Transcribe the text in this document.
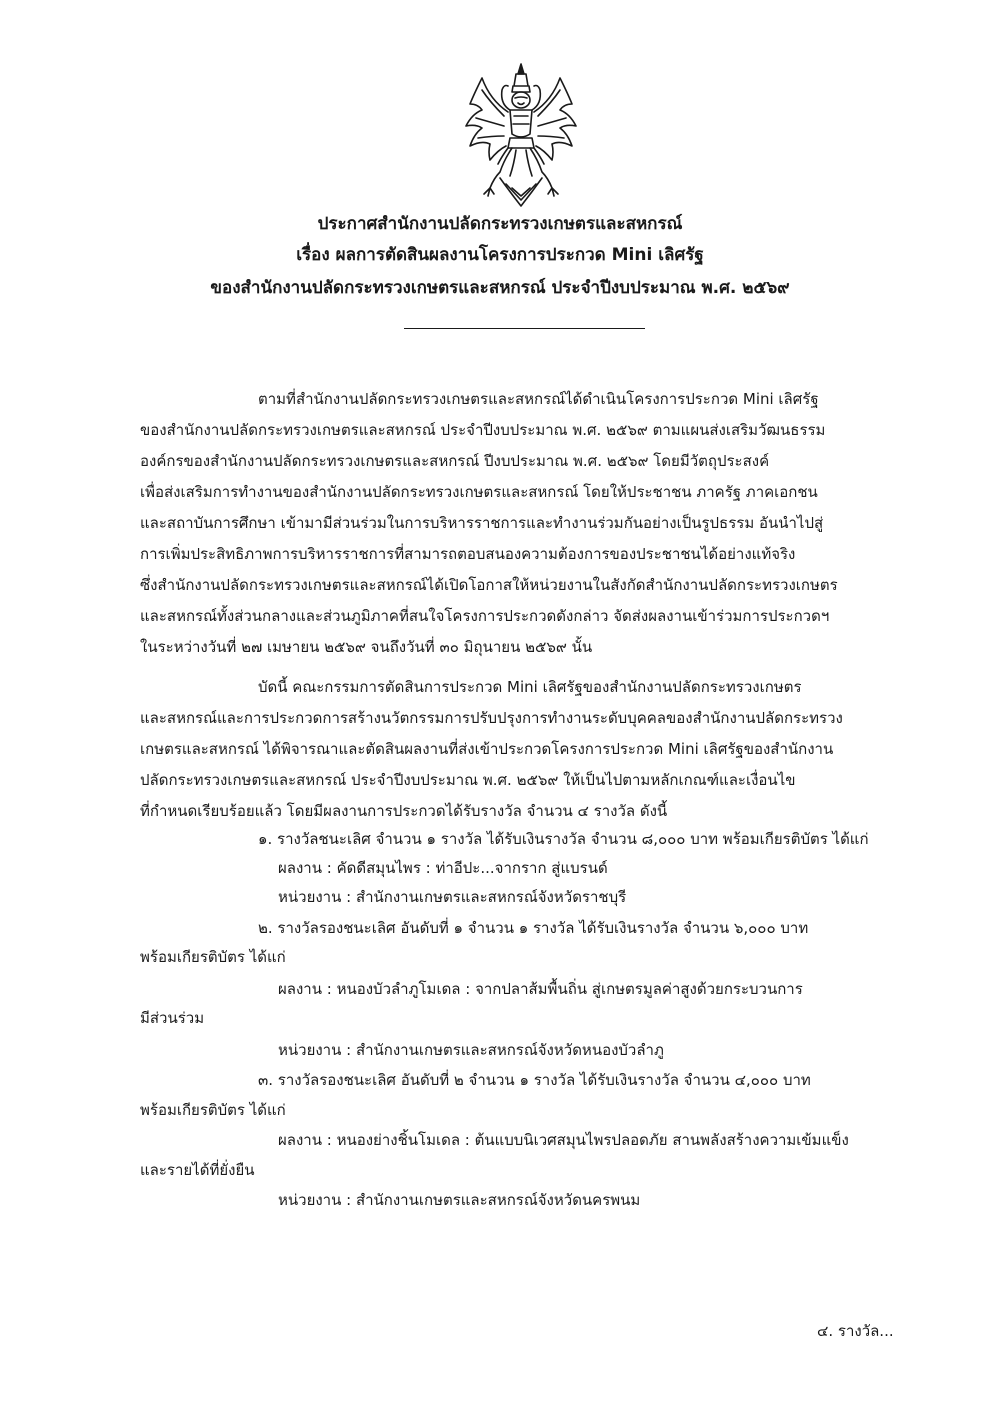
ประกาศสำนักงานปลัดกระทรวงเกษตรและสหกรณ์
เรื่อง ผลการตัดสินผลงานโครงการประกวด Mini เลิศรัฐ
ของสำนักงานปลัดกระทรวงเกษตรและสหกรณ์ ประจำปีงบประมาณ พ.ศ. ๒๕๖๙
ตามที่สำนักงานปลัดกระทรวงเกษตรและสหกรณ์ได้ดำเนินโครงการประกวด Mini เลิศรัฐ
ของสำนักงานปลัดกระทรวงเกษตรและสหกรณ์ ประจำปีงบประมาณ พ.ศ. ๒๕๖๙ ตามแผนส่งเสริมวัฒนธรรม
องค์กรของสำนักงานปลัดกระทรวงเกษตรและสหกรณ์ ปีงบประมาณ พ.ศ. ๒๕๖๙ โดยมีวัตถุประสงค์
เพื่อส่งเสริมการทำงานของสำนักงานปลัดกระทรวงเกษตรและสหกรณ์ โดยให้ประชาชน ภาครัฐ ภาคเอกชน
และสถาบันการศึกษา เข้ามามีส่วนร่วมในการบริหารราชการและทำงานร่วมกันอย่างเป็นรูปธรรม อันนำไปสู่
การเพิ่มประสิทธิภาพการบริหารราชการที่สามารถตอบสนองความต้องการของประชาชนได้อย่างแท้จริง
ซึ่งสำนักงานปลัดกระทรวงเกษตรและสหกรณ์ได้เปิดโอกาสให้หน่วยงานในสังกัดสำนักงานปลัดกระทรวงเกษตร
และสหกรณ์ทั้งส่วนกลางและส่วนภูมิภาคที่สนใจโครงการประกวดดังกล่าว จัดส่งผลงานเข้าร่วมการประกวดฯ
ในระหว่างวันที่ ๒๗ เมษายน ๒๕๖๙ จนถึงวันที่ ๓๐ มิถุนายน ๒๕๖๙ นั้น
บัดนี้ คณะกรรมการตัดสินการประกวด Mini เลิศรัฐของสำนักงานปลัดกระทรวงเกษตร
และสหกรณ์และการประกวดการสร้างนวัตกรรมการปรับปรุงการทำงานระดับบุคคลของสำนักงานปลัดกระทรวง
เกษตรและสหกรณ์ ได้พิจารณาและตัดสินผลงานที่ส่งเข้าประกวดโครงการประกวด Mini เลิศรัฐของสำนักงาน
ปลัดกระทรวงเกษตรและสหกรณ์ ประจำปีงบประมาณ พ.ศ. ๒๕๖๙ ให้เป็นไปตามหลักเกณฑ์และเงื่อนไข
ที่กำหนดเรียบร้อยแล้ว โดยมีผลงานการประกวดได้รับรางวัล จำนวน ๔ รางวัล ดังนี้
๑. รางวัลชนะเลิศ จำนวน ๑ รางวัล ได้รับเงินรางวัล จำนวน ๘,๐๐๐ บาท พร้อมเกียรติบัตร ได้แก่
ผลงาน : คัดดีสมุนไพร : ท่าอีปะ...จากราก สู่แบรนด์
หน่วยงาน : สำนักงานเกษตรและสหกรณ์จังหวัดราชบุรี
๒. รางวัลรองชนะเลิศ อันดับที่ ๑ จำนวน ๑ รางวัล ได้รับเงินรางวัล จำนวน ๖,๐๐๐ บาท
พร้อมเกียรติบัตร ได้แก่
ผลงาน : หนองบัวลำภูโมเดล : จากปลาส้มพื้นถิ่น สู่เกษตรมูลค่าสูงด้วยกระบวนการ
มีส่วนร่วม
หน่วยงาน : สำนักงานเกษตรและสหกรณ์จังหวัดหนองบัวลำภู
๓. รางวัลรองชนะเลิศ อันดับที่ ๒ จำนวน ๑ รางวัล ได้รับเงินรางวัล จำนวน ๔,๐๐๐ บาท
พร้อมเกียรติบัตร ได้แก่
ผลงาน : หนองย่างชิ้นโมเดล : ต้นแบบนิเวศสมุนไพรปลอดภัย สานพลังสร้างความเข้มแข็ง
และรายได้ที่ยั่งยืน
หน่วยงาน : สำนักงานเกษตรและสหกรณ์จังหวัดนครพนม
๔. รางวัล...
